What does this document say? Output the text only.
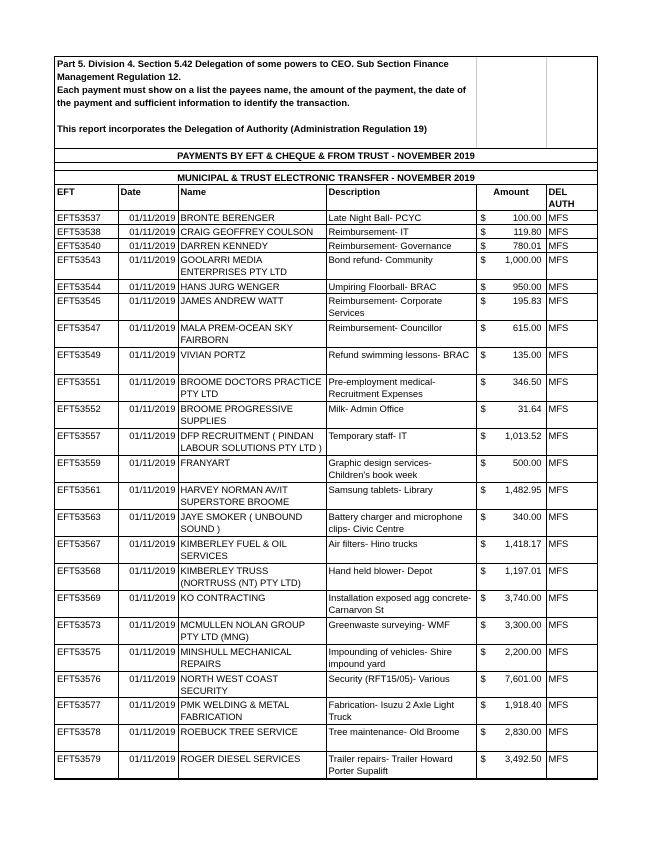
Part 5. Division 4. Section 5.42 Delegation of some powers to CEO. Sub Section Finance					
Management Regulation 12.					
Each payment must show on a list the payees name, the amount of the payment, the date of					
the payment and sufficient information to identify the transaction.					

This report incorporates the Delegation of Authority (Administration Regulation 19)					

PAYMENTS BY EFT & CHEQUE & FROM TRUST - NOVEMBER 2019					

MUNICIPAL & TRUST ELECTRONIC TRANSFER - NOVEMBER 2019					
EFT	Date	Name	Description	Amount	DEL AUTH
EFT53537	01/11/2019	BRONTE BERENGER	Late Night Ball- PCYC	$ 100.00	MFS
EFT53538	01/11/2019	CRAIG GEOFFREY COULSON	Reimbursement- IT	$ 119.80	MFS
EFT53540	01/11/2019	DARREN KENNEDY	Reimbursement- Governance	$ 780.01	MFS
EFT53543	01/11/2019	GOOLARRI MEDIA ENTERPRISES PTY LTD	Bond refund- Community	$ 1,000.00	MFS
EFT53544	01/11/2019	HANS JURG WENGER	Umpiring Floorball- BRAC	$ 950.00	MFS
EFT53545	01/11/2019	JAMES ANDREW WATT	Reimbursement- Corporate Services	$ 195.83	MFS
EFT53547	01/11/2019	MALA PREM-OCEAN SKY FAIRBORN	Reimbursement- Councillor	$ 615.00	MFS
EFT53549	01/11/2019	VIVIAN PORTZ	Refund swimming lessons- BRAC	$ 135.00	MFS
EFT53551	01/11/2019	BROOME DOCTORS PRACTICE PTY LTD	Pre-employment medical- Recruitment Expenses	$ 346.50	MFS
EFT53552	01/11/2019	BROOME PROGRESSIVE SUPPLIES	Milk- Admin Office	$ 31.64	MFS
EFT53557	01/11/2019	DFP RECRUITMENT ( PINDAN LABOUR SOLUTIONS PTY LTD )	Temporary staff- IT	$ 1,013.52	MFS
EFT53559	01/11/2019	FRANYART	Graphic design services- Children's book week	$ 500.00	MFS
EFT53561	01/11/2019	HARVEY NORMAN AV/IT SUPERSTORE BROOME	Samsung tablets- Library	$ 1,482.95	MFS
EFT53563	01/11/2019	JAYE SMOKER ( UNBOUND SOUND )	Battery charger and microphone clips- Civic Centre	$ 340.00	MFS
EFT53567	01/11/2019	KIMBERLEY FUEL & OIL SERVICES	Air filters- Hino trucks	$ 1,418.17	MFS
EFT53568	01/11/2019	KIMBERLEY TRUSS (NORTRUSS (NT) PTY LTD)	Hand held blower- Depot	$ 1,197.01	MFS
EFT53569	01/11/2019	KO CONTRACTING	Installation exposed agg concrete- Carnarvon St	$ 3,740.00	MFS
EFT53573	01/11/2019	MCMULLEN NOLAN GROUP PTY LTD (MNG)	Greenwaste surveying- WMF	$ 3,300.00	MFS
EFT53575	01/11/2019	MINSHULL MECHANICAL REPAIRS	Impounding of vehicles- Shire impound yard	$ 2,200.00	MFS
EFT53576	01/11/2019	NORTH WEST COAST SECURITY	Security (RFT15/05)- Various	$ 7,601.00	MFS
EFT53577	01/11/2019	PMK WELDING & METAL FABRICATION	Fabrication- Isuzu 2 Axle Light Truck	$ 1,918.40	MFS
EFT53578	01/11/2019	ROEBUCK TREE SERVICE	Tree maintenance- Old Broome	$ 2,830.00	MFS
EFT53579	01/11/2019	ROGER DIESEL SERVICES	Trailer repairs- Trailer Howard Porter Supalift	$ 3,492.50	MFS
